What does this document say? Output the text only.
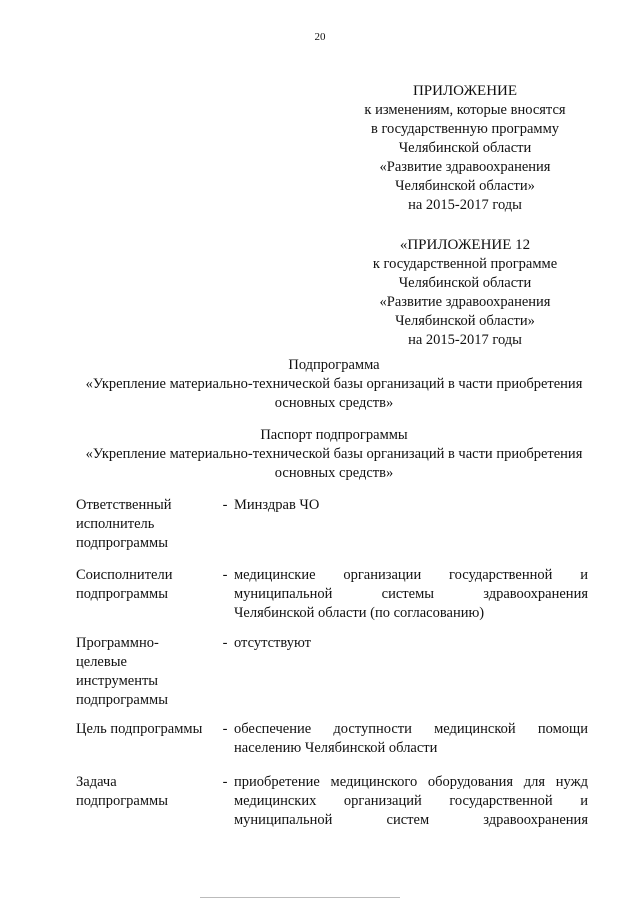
20
ПРИЛОЖЕНИЕ
к изменениям, которые вносятся
в государственную программу
Челябинской области
«Развитие здравоохранения
Челябинской области»
на 2015-2017 годы
«ПРИЛОЖЕНИЕ 12
к государственной программе
Челябинской области
«Развитие здравоохранения
Челябинской области»
на 2015-2017 годы
Подпрограмма
«Укрепление материально-технической базы организаций в части приобретения
основных средств»
Паспорт подпрограммы
«Укрепление материально-технической базы организаций в части приобретения
основных средств»
Ответственный
исполнитель
подпрограммы
- Минздрав ЧО
Соисполнители
подпрограммы
- медицинские организации государственной и
муниципальной системы здравоохранения
Челябинской области (по согласованию)
Программно-
целевые
инструменты
подпрограммы
- отсутствуют
Цель подпрограммы	- обеспечение доступности медицинской помощи
населению Челябинской области
Задача
подпрограммы
- приобретение медицинского оборудования для нужд
медицинских организаций государственной и
муниципальной систем здравоохранения
